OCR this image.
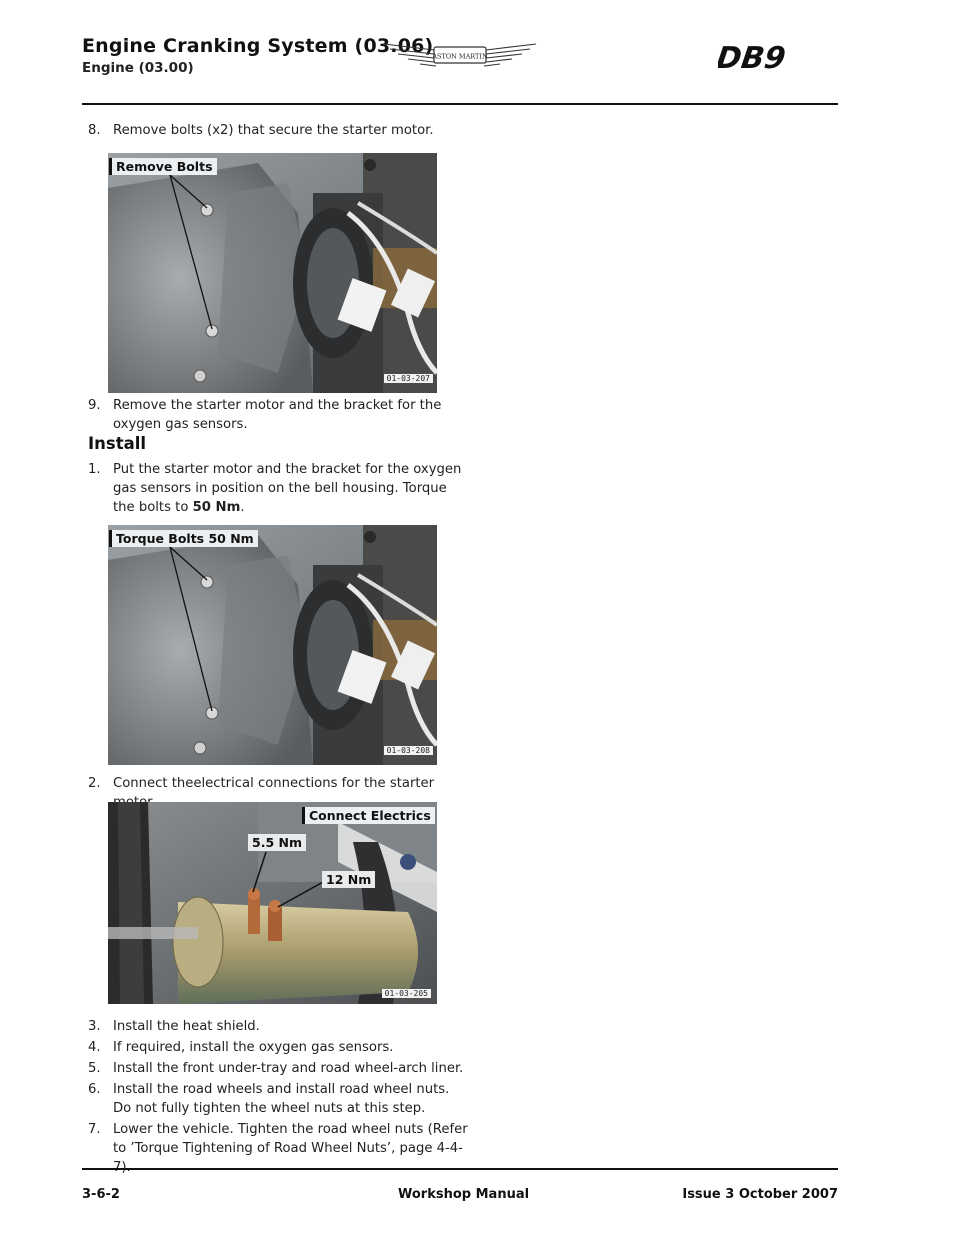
Engine Cranking System (03.06)
Engine (03.00)
ASTON MARTIN	DB9
8. Remove bolts (x2) that secure the starter motor.
Remove Bolts
01-03-207
9. Remove the starter motor and the bracket for the oxygen gas sensors.
Install
1. Put the starter motor and the bracket for the oxygen gas sensors in position on the bell housing. Torque the bolts to 50 Nm.
Torque Bolts 50 Nm
01-03-208
2. Connect theelectrical connections for the starter
Connect Electrics
5.5 Nm
12 Nm
01-03-205
3. Install the heat shield.
4. If required, install the oxygen gas sensors.
5. Install the front under-tray and road wheel-arch liner.
6. Install the road wheels and install road wheel nuts. Do not fully tighten the wheel nuts at this step.
7. Lower the vehicle. Tighten the road wheel nuts (Refer to ’Torque Tightening of Road Wheel Nuts’, page 4-4-
3-6-2	Workshop Manual	Issue 3 October 2007
